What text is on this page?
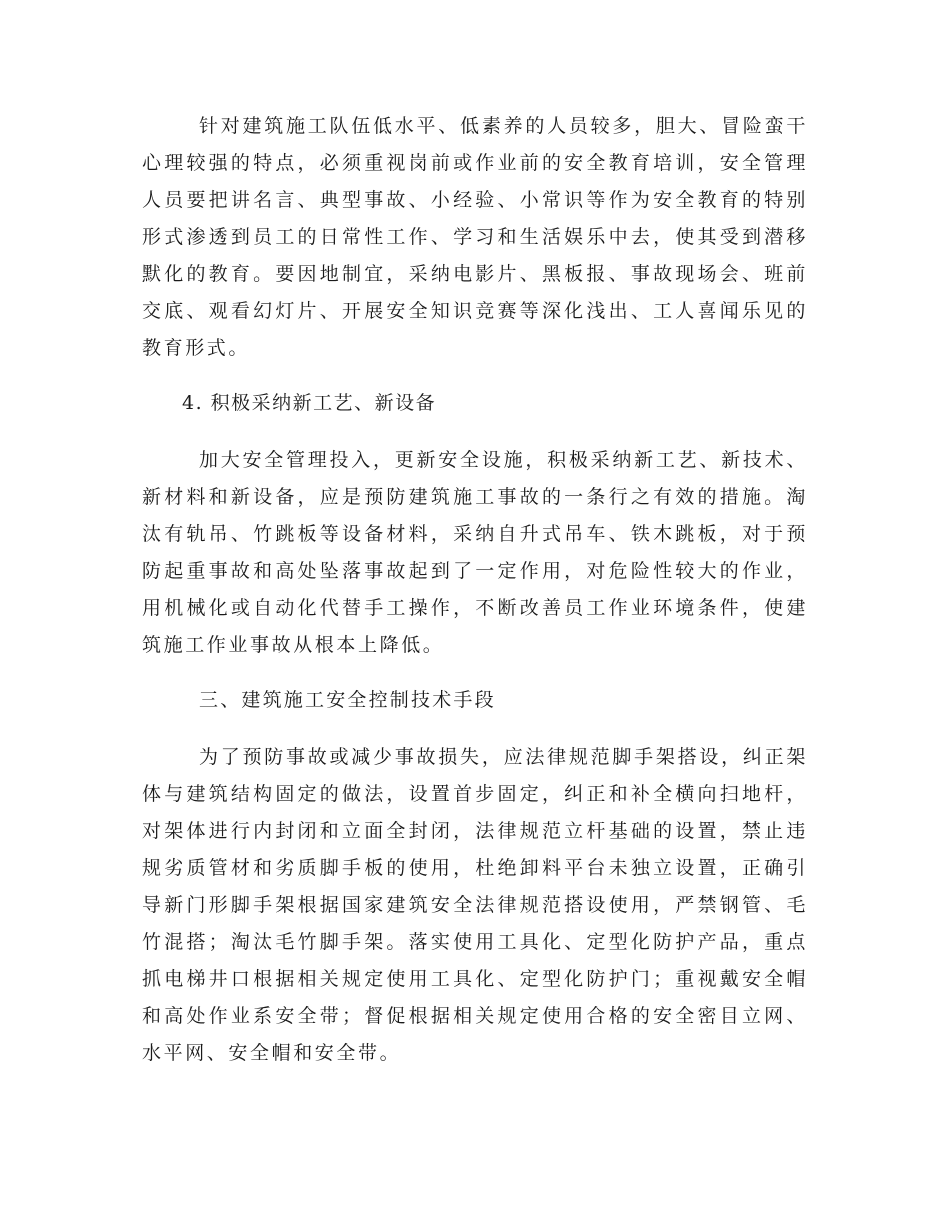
针对建筑施工队伍低水平、低素养的人员较多，胆大、冒险蛮干心理较强的特点，必须重视岗前或作业前的安全教育培训，安全管理人员要把讲名言、典型事故、小经验、小常识等作为安全教育的特别形式渗透到员工的日常性工作、学习和生活娱乐中去，使其受到潜移默化的教育。要因地制宜，采纳电影片、黑板报、事故现场会、班前交底、观看幻灯片、开展安全知识竞赛等深化浅出、工人喜闻乐见的教育形式。

4. 积极采纳新工艺、新设备

加大安全管理投入，更新安全设施，积极采纳新工艺、新技术、新材料和新设备，应是预防建筑施工事故的一条行之有效的措施。淘汰有轨吊、竹跳板等设备材料，采纳自升式吊车、铁木跳板，对于预防起重事故和高处坠落事故起到了一定作用，对危险性较大的作业，用机械化或自动化代替手工操作，不断改善员工作业环境条件，使建筑施工作业事故从根本上降低。

三、建筑施工安全控制技术手段

为了预防事故或减少事故损失，应法律规范脚手架搭设，纠正架体与建筑结构固定的做法，设置首步固定，纠正和补全横向扫地杆，对架体进行内封闭和立面全封闭，法律规范立杆基础的设置，禁止违规劣质管材和劣质脚手板的使用，杜绝卸料平台未独立设置，正确引导新门形脚手架根据国家建筑安全法律规范搭设使用，严禁钢管、毛竹混搭；淘汰毛竹脚手架。落实使用工具化、定型化防护产品，重点抓电梯井口根据相关规定使用工具化、定型化防护门；重视戴安全帽和高处作业系安全带；督促根据相关规定使用合格的安全密目立网、水平网、安全帽和安全带。
